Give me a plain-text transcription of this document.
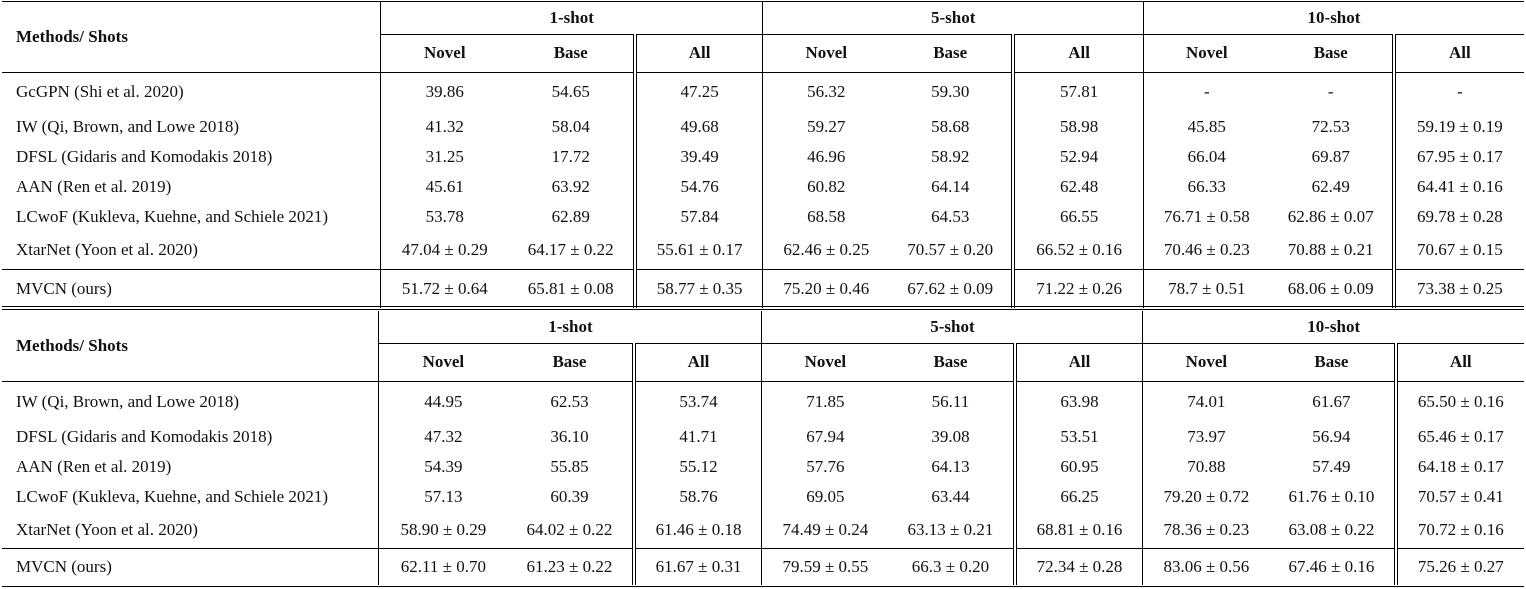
Methods/ Shots	1-shot			5-shot			10-shot		
	Novel	Base	All	Novel	Base	All	Novel	Base	All
GcGPN (Shi et al. 2020)	39.86	54.65	47.25	56.32	59.30	57.81	-	-	-
IW (Qi, Brown, and Lowe 2018)	41.32	58.04	49.68	59.27	58.68	58.98	45.85	72.53	59.19 ± 0.19
DFSL (Gidaris and Komodakis 2018)	31.25	17.72	39.49	46.96	58.92	52.94	66.04	69.87	67.95 ± 0.17
AAN (Ren et al. 2019)	45.61	63.92	54.76	60.82	64.14	62.48	66.33	62.49	64.41 ± 0.16
LCwoF (Kukleva, Kuehne, and Schiele 2021)	53.78	62.89	57.84	68.58	64.53	66.55	76.71 ± 0.58	62.86 ± 0.07	69.78 ± 0.28
XtarNet (Yoon et al. 2020)	47.04 ± 0.29	64.17 ± 0.22	55.61 ± 0.17	62.46 ± 0.25	70.57 ± 0.20	66.52 ± 0.16	70.46 ± 0.23	70.88 ± 0.21	70.67 ± 0.15
MVCN (ours)	51.72 ± 0.64	65.81 ± 0.08	58.77 ± 0.35	75.20 ± 0.46	67.62 ± 0.09	71.22 ± 0.26	78.7 ± 0.51	68.06 ± 0.09	73.38 ± 0.25
Methods/ Shots	1-shot			5-shot			10-shot		
	Novel	Base	All	Novel	Base	All	Novel	Base	All
IW (Qi, Brown, and Lowe 2018)	44.95	62.53	53.74	71.85	56.11	63.98	74.01	61.67	65.50 ± 0.16
DFSL (Gidaris and Komodakis 2018)	47.32	36.10	41.71	67.94	39.08	53.51	73.97	56.94	65.46 ± 0.17
AAN (Ren et al. 2019)	54.39	55.85	55.12	57.76	64.13	60.95	70.88	57.49	64.18 ± 0.17
LCwoF (Kukleva, Kuehne, and Schiele 2021)	57.13	60.39	58.76	69.05	63.44	66.25	79.20 ± 0.72	61.76 ± 0.10	70.57 ± 0.41
XtarNet (Yoon et al. 2020)	58.90 ± 0.29	64.02 ± 0.22	61.46 ± 0.18	74.49 ± 0.24	63.13 ± 0.21	68.81 ± 0.16	78.36 ± 0.23	63.08 ± 0.22	70.72 ± 0.16
MVCN (ours)	62.11 ± 0.70	61.23 ± 0.22	61.67 ± 0.31	79.59 ± 0.55	66.3 ± 0.20	72.34 ± 0.28	83.06 ± 0.56	67.46 ± 0.16	75.26 ± 0.27
